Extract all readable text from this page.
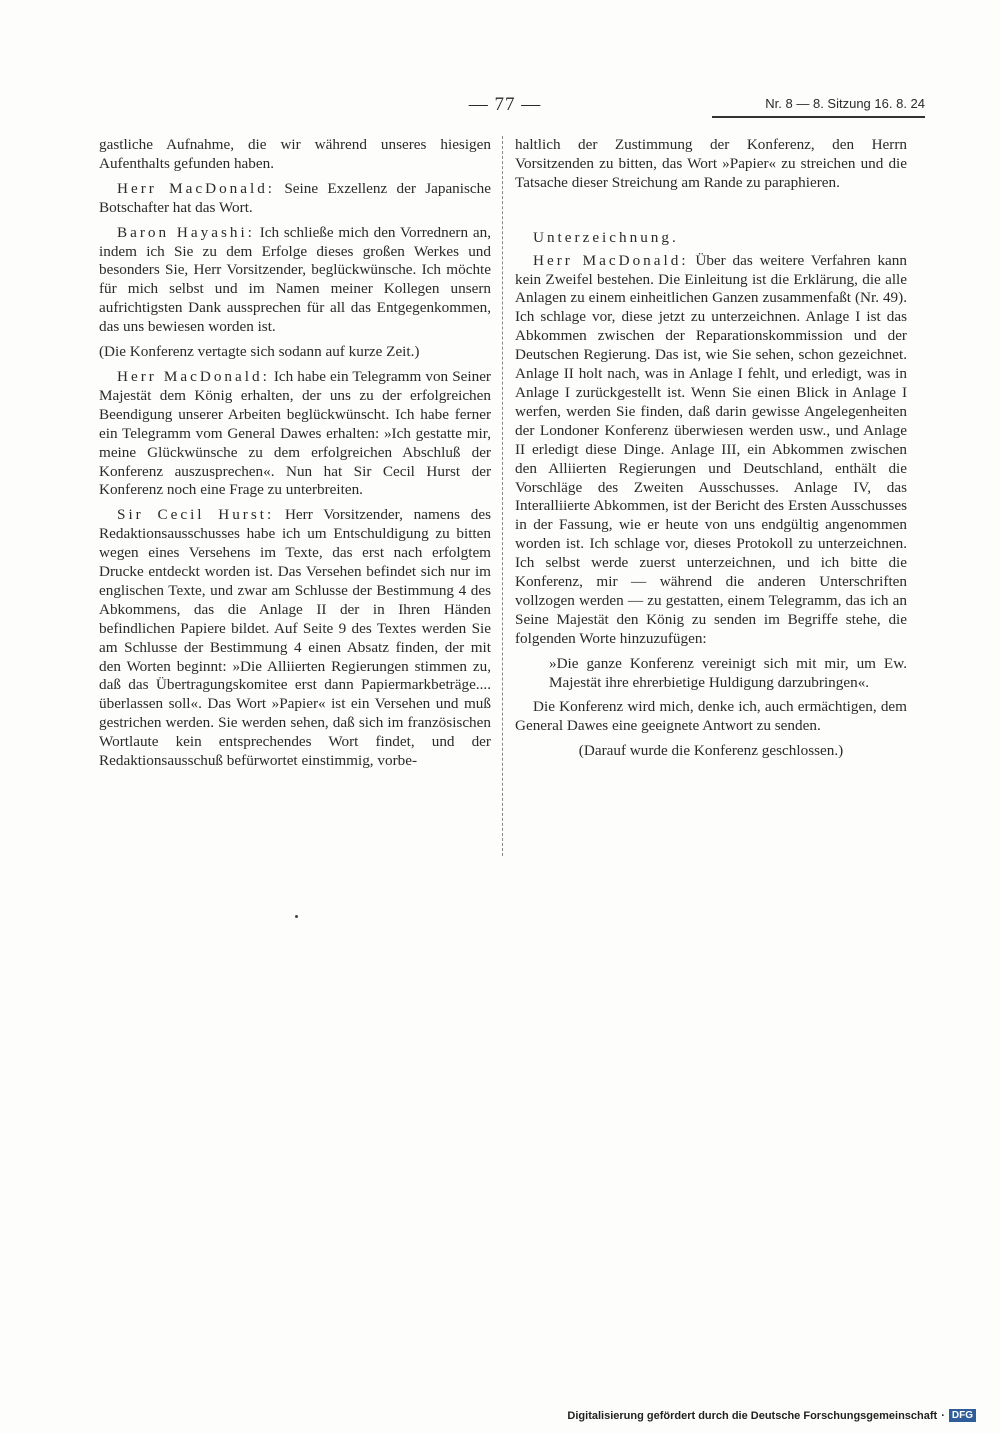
— 77 —	Nr. 8 — 8. Sitzung 16. 8. 24

gastliche Aufnahme, die wir während unseres hiesigen Aufenthalts gefunden haben.

Herr MacDonald: Seine Exzellenz der Japanische Botschafter hat das Wort.

Baron Hayashi: Ich schließe mich den Vorrednern an, indem ich Sie zu dem Erfolge dieses großen Werkes und besonders Sie, Herr Vorsitzender, beglückwünsche. Ich möchte für mich selbst und im Namen meiner Kollegen unsern aufrichtigsten Dank aussprechen für all das Entgegenkommen, das uns bewiesen worden ist.

(Die Konferenz vertagte sich sodann auf kurze Zeit.)

Herr MacDonald: Ich habe ein Telegramm von Seiner Majestät dem König erhalten, der uns zu der erfolgreichen Beendigung unserer Arbeiten beglückwünscht. Ich habe ferner ein Telegramm vom General Dawes erhalten: »Ich gestatte mir, meine Glückwünsche zu dem erfolgreichen Abschluß der Konferenz auszusprechen«. Nun hat Sir Cecil Hurst der Konferenz noch eine Frage zu unterbreiten.

Sir Cecil Hurst: Herr Vorsitzender, namens des Redaktionsausschusses habe ich um Entschuldigung zu bitten wegen eines Versehens im Texte, das erst nach erfolgtem Drucke entdeckt worden ist. Das Versehen befindet sich nur im englischen Texte, und zwar am Schlusse der Bestimmung 4 des Abkommens, das die Anlage II der in Ihren Händen befindlichen Papiere bildet. Auf Seite 9 des Textes werden Sie am Schlusse der Bestimmung 4 einen Absatz finden, der mit den Worten beginnt: »Die Alliierten Regierungen stimmen zu, daß das Übertragungskomitee erst dann Papiermarkbeträge.... überlassen soll«. Das Wort »Papier« ist ein Versehen und muß gestrichen werden. Sie werden sehen, daß sich im französischen Wortlaute kein entsprechendes Wort findet, und der Redaktionsausschuß befürwortet einstimmig, vorbe-

haltlich der Zustimmung der Konferenz, den Herrn Vorsitzenden zu bitten, das Wort »Papier« zu streichen und die Tatsache dieser Streichung am Rande zu paraphieren.

Unterzeichnung.

Herr MacDonald: Über das weitere Verfahren kann kein Zweifel bestehen. Die Einleitung ist die Erklärung, die alle Anlagen zu einem einheitlichen Ganzen zusammenfaßt (Nr. 49). Ich schlage vor, diese jetzt zu unterzeichnen. Anlage I ist das Abkommen zwischen der Reparationskommission und der Deutschen Regierung. Das ist, wie Sie sehen, schon gezeichnet. Anlage II holt nach, was in Anlage I fehlt, und erledigt, was in Anlage I zurückgestellt ist. Wenn Sie einen Blick in Anlage I werfen, werden Sie finden, daß darin gewisse Angelegenheiten der Londoner Konferenz überwiesen werden usw., und Anlage II erledigt diese Dinge. Anlage III, ein Abkommen zwischen den Alliierten Regierungen und Deutschland, enthält die Vorschläge des Zweiten Ausschusses. Anlage IV, das Interalliierte Abkommen, ist der Bericht des Ersten Ausschusses in der Fassung, wie er heute von uns endgültig angenommen worden ist. Ich schlage vor, dieses Protokoll zu unterzeichnen. Ich selbst werde zuerst unterzeichnen, und ich bitte die Konferenz, mir — während die anderen Unterschriften vollzogen werden — zu gestatten, einem Telegramm, das ich an Seine Majestät den König zu senden im Begriffe stehe, die folgenden Worte hinzuzufügen:

»Die ganze Konferenz vereinigt sich mit mir, um Ew. Majestät ihre ehrerbietige Huldigung darzubringen«.

Die Konferenz wird mich, denke ich, auch ermächtigen, dem General Dawes eine geeignete Antwort zu senden.

(Darauf wurde die Konferenz geschlossen.)

Digitalisierung gefördert durch die Deutsche Forschungsgemeinschaft · DFG
